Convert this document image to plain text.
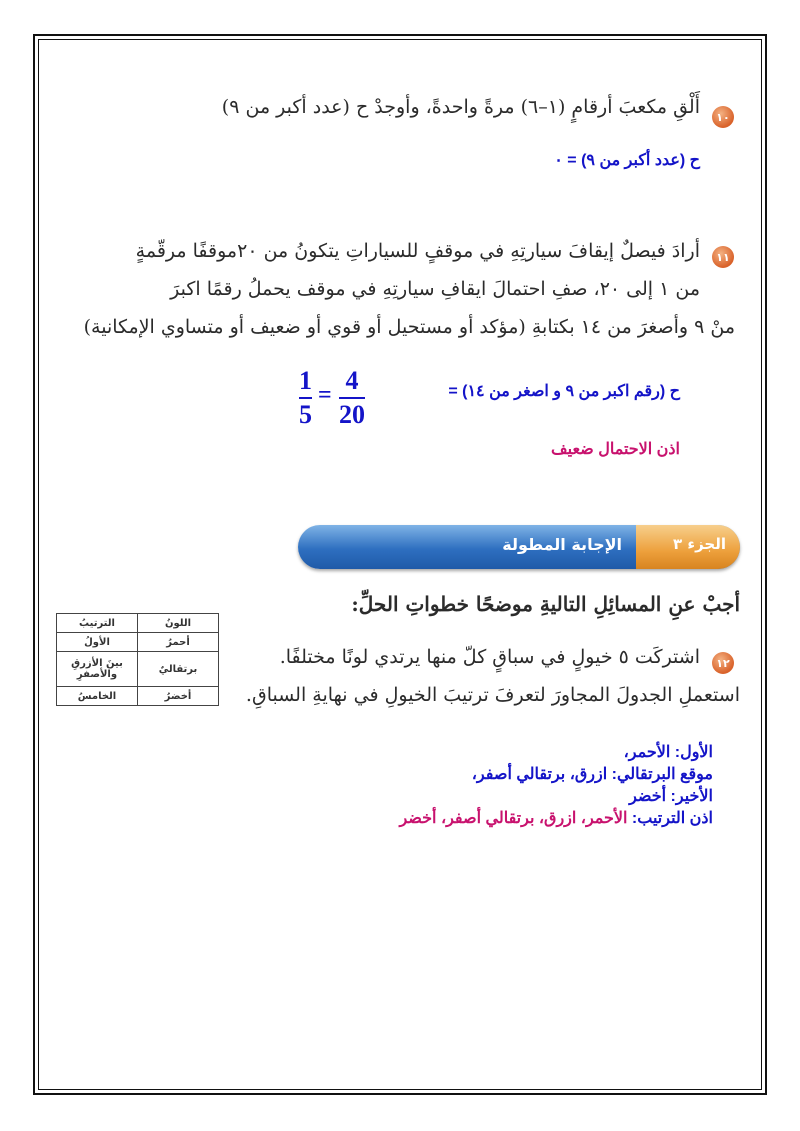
١٠
أَلْقِ مكعبَ أرقامٍ (١–٦) مرةً واحدةً، وأوجدْ ح (عدد أكبر من ٩)
ح (عدد أكبر من ٩) = ٠
١١
أرادَ فيصلٌ إيقافَ سيارتِهِ في موقفٍ للسياراتِ يتكونُ من ٢٠موقفًا مرقّمةٍ
من ١ إلى ٢٠، صفِ احتمالَ ايقافِ سيارتِهِ في موقف يحملُ رقمًا اكبرَ
منْ ٩ وأصغرَ من ١٤ بكتابةِ (مؤكد أو مستحيل أو قوي أو ضعيف أو متساوي الإمكانية)
ح (رقم اكبر من ٩ و اصغر من ١٤) =
4
20
=
1
5
اذن الاحتمال ضعيف
الجزء ٣
الإجابة المطولة
أجبْ عنِ المسائِلِ التاليةِ موضحًا خطواتِ الحلِّ:
١٢
اشتركَت ٥ خيولٍ في سباقٍ كلّ منها يرتدي لونًا مختلفًا.
استعملِ الجدولَ المجاورَ لتعرفَ ترتيبَ الخيولِ في نهايةِ السباقِ.
اللونُ	الترتيبُ
أحمرُ	الأولُ
برتقاليٌ	بينَ الأزرقِ والأصفرِ
أخضرُ	الخامسُ
الأول: الأحمر،
موقع البرتقالي: ازرق، برتقالي أصفر،
الأخير: أخضر
اذن الترتيب: الأحمر، ازرق، برتقالي أصفر، أخضر
